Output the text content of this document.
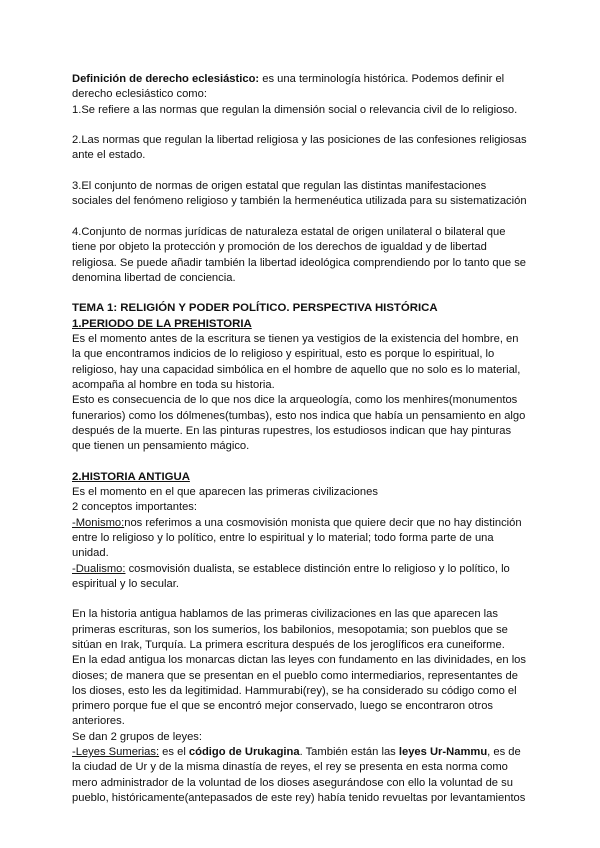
Definición de derecho eclesiástico: es una terminología histórica. Podemos definir el derecho eclesiástico como:

1.Se refiere a las normas que regulan la dimensión social o relevancia civil de lo religioso.

2.Las normas que regulan la libertad religiosa y las posiciones de las confesiones religiosas ante el estado.

3.El conjunto de normas de origen estatal que regulan las distintas manifestaciones sociales del fenómeno religioso y también la hermenéutica utilizada para su sistematización

4.Conjunto de normas jurídicas de naturaleza estatal de origen unilateral o bilateral que tiene por objeto la protección y promoción de los derechos de igualdad y de libertad religiosa. Se puede añadir también la libertad ideológica comprendiendo por lo tanto que se denomina libertad de conciencia.

TEMA 1: RELIGIÓN Y PODER POLÍTICO. PERSPECTIVA HISTÓRICA

1.PERIODO DE LA PREHISTORIA

Es el momento antes de la escritura se tienen ya vestigios de la existencia del hombre, en la que encontramos indicios de lo religioso y espiritual, esto es porque lo espiritual, lo religioso, hay una capacidad simbólica en el hombre de aquello que no solo es lo material, acompaña al hombre en toda su historia.

Esto es consecuencia de lo que nos dice la arqueología, como los menhires(monumentos funerarios) como los dólmenes(tumbas), esto nos indica que había un pensamiento en algo después de la muerte. En las pinturas rupestres, los estudiosos indican que hay pinturas que tienen un pensamiento mágico.

2.HISTORIA ANTIGUA

Es el momento en el que aparecen las primeras civilizaciones

2 conceptos importantes:

-Monismo:nos referimos a una cosmovisión monista que quiere decir que no hay distinción entre lo religioso y lo político, entre lo espiritual y lo material; todo forma parte de una unidad.

-Dualismo: cosmovisión dualista, se establece distinción entre lo religioso y lo político, lo espiritual y lo secular.

En la historia antigua hablamos de las primeras civilizaciones en las que aparecen las primeras escrituras, son los sumerios, los babilonios, mesopotamia; son pueblos que se sitúan en Irak, Turquía. La primera escritura después de los jeroglíficos era cuneiforme.

En la edad antigua los monarcas dictan las leyes con fundamento en las divinidades, en los dioses; de manera que se presentan en el pueblo como intermediarios, representantes de los dioses, esto les da legitimidad. Hammurabi(rey), se ha considerado su código como el primero porque fue el que se encontró mejor conservado, luego se encontraron otros anteriores.

Se dan 2 grupos de leyes:

-Leyes Sumerias: es el código de Urukagina. También están las leyes Ur-Nammu, es de la ciudad de Ur y de la misma dinastía de reyes, el rey se presenta en esta norma como mero administrador de la voluntad de los dioses asegurándose con ello la voluntad de su pueblo, históricamente(antepasados de este rey) había tenido revueltas por levantamientos
